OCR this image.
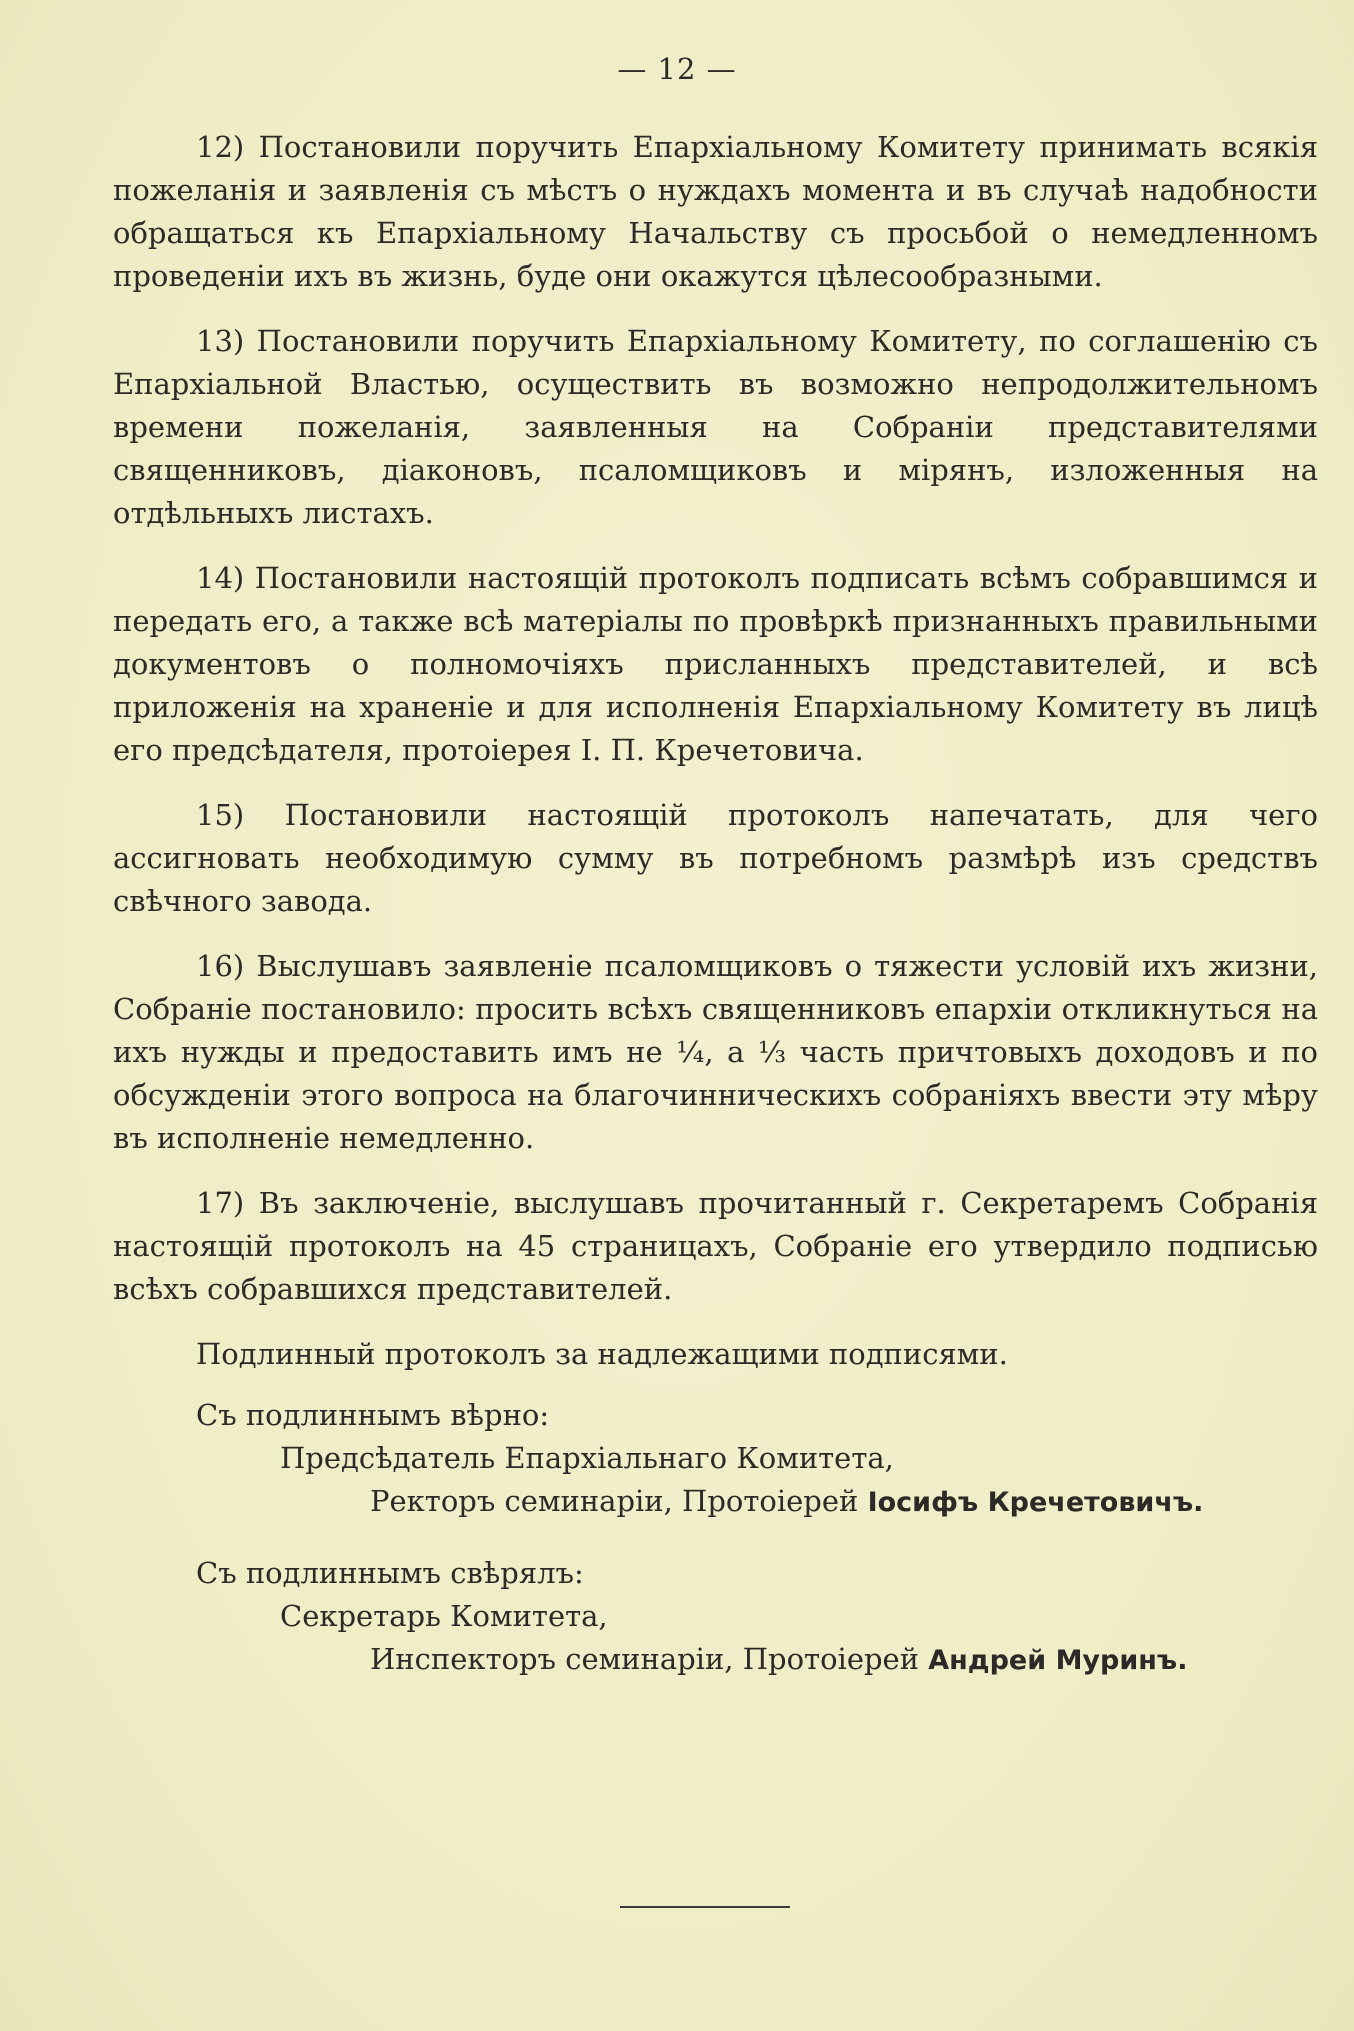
— 12 —

12) Постановили поручить Епархіальному Комитету принимать всякія пожеланія и заявленія съ мѣстъ о нуждахъ момента и въ случаѣ надобности обращаться къ Епархіальному Начальству съ просьбой о немедленномъ проведеніи ихъ въ жизнь, буде они окажутся цѣлесообразными.

13) Постановили поручить Епархіальному Комитету, по соглашенію съ Епархіальной Властью, осуществить въ возможно непродолжительномъ времени пожеланія, заявленныя на Собраніи представителями священниковъ, діаконовъ, псаломщиковъ и мірянъ, изложенныя на отдѣльныхъ листахъ.

14) Постановили настоящій протоколъ подписать всѣмъ собравшимся и передать его, а также всѣ матеріалы по провѣркѣ признанныхъ правильными документовъ о полномочіяхъ присланныхъ представителей, и всѣ приложенія на храненіе и для исполненія Епархіальному Комитету въ лицѣ его предсѣдателя, протоіерея І. П. Кречетовича.

15) Постановили настоящій протоколъ напечатать, для чего ассигновать необходимую сумму въ потребномъ размѣрѣ изъ средствъ свѣчного завода.

16) Выслушавъ заявленіе псаломщиковъ о тяжести условій ихъ жизни, Собраніе постановило: просить всѣхъ священниковъ епархіи откликнуться на ихъ нужды и предоставить имъ не ¼, а ⅓ часть причтовыхъ доходовъ и по обсужденіи этого вопроса на благочинническихъ собраніяхъ ввести эту мѣру въ исполненіе немедленно.

17) Въ заключеніе, выслушавъ прочитанный г. Секретаремъ Собранія настоящій протоколъ на 45 страницахъ, Собраніе его утвердило подписью всѣхъ собравшихся представителей.

Подлинный протоколъ за надлежащими подписями.

Съ подлиннымъ вѣрно:

Предсѣдатель Епархіальнаго Комитета,

Ректоръ семинаріи, Протоіерей Іосифъ Кречетовичъ.

Съ подлиннымъ свѣрялъ:

Секретарь Комитета,

Инспекторъ семинаріи, Протоіерей Андрей Муринъ.
